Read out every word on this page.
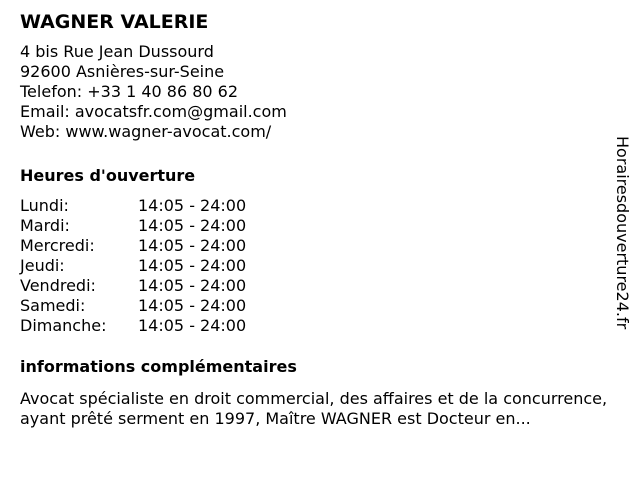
WAGNER VALERIE
4 bis Rue Jean Dussourd
92600 Asnières-sur-Seine
Telefon: +33 1 40 86 80 62
Email: avocatsfr.com@gmail.com
Web: www.wagner-avocat.com/
Heures d'ouverture
Lundi:	14:05 - 24:00
Mardi:	14:05 - 24:00
Mercredi:	14:05 - 24:00
Jeudi:	14:05 - 24:00
Vendredi:	14:05 - 24:00
Samedi:	14:05 - 24:00
Dimanche: 14:05 - 24:00
informations complémentaires
Avocat spécialiste en droit commercial, des affaires et de la concurrence, ayant prêté serment en 1997, Maître WAGNER est Docteur en...
Horairesdouverture24.fr
